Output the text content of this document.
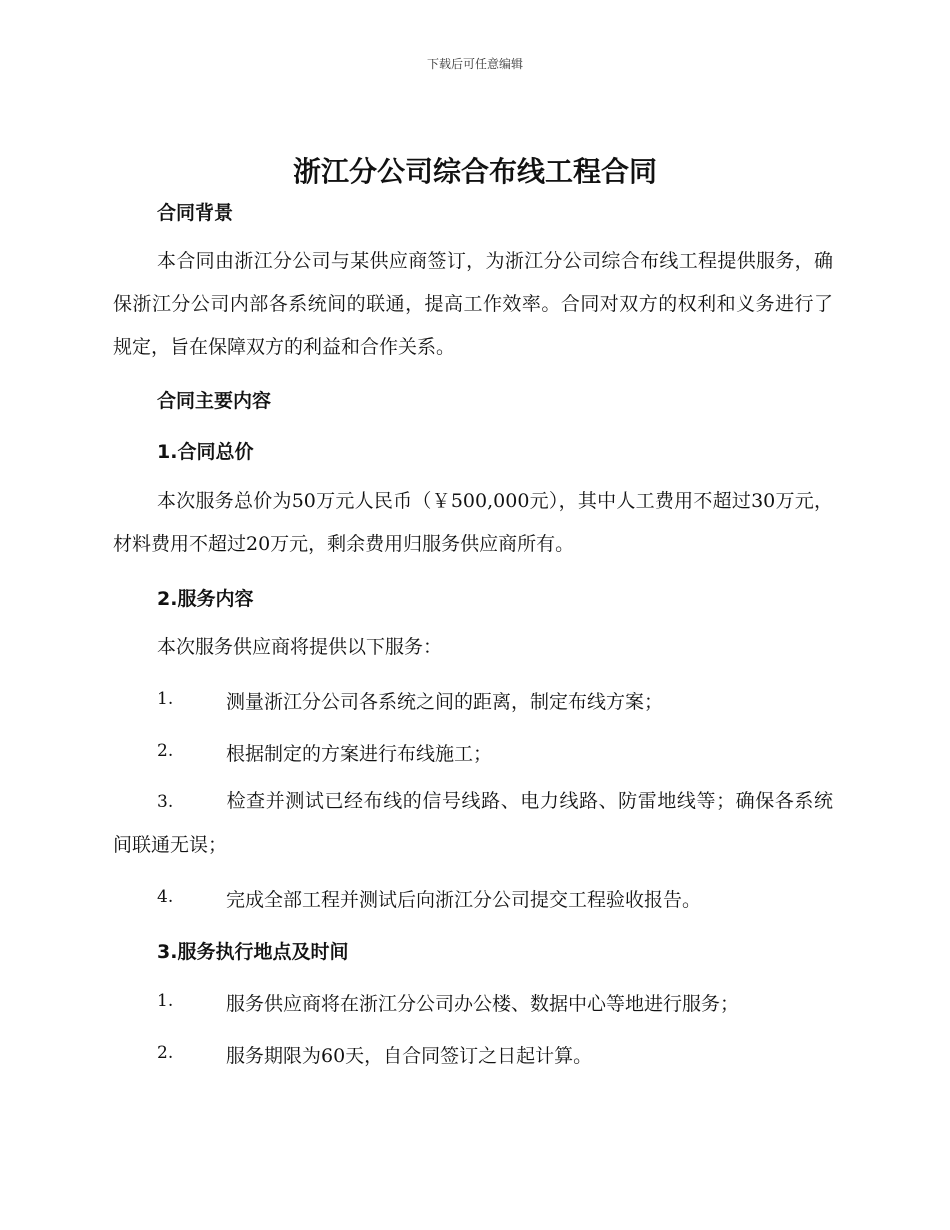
下载后可任意编辑
浙江分公司综合布线工程合同
合同背景
本合同由浙江分公司与某供应商签订，为浙江分公司综合布线工程提供服务，确保浙江分公司内部各系统间的联通，提高工作效率。合同对双方的权利和义务进行了规定，旨在保障双方的利益和合作关系。
合同主要内容
1.合同总价
本次服务总价为50万元人民币（￥500,000元），其中人工费用不超过30万元，材料费用不超过20万元，剩余费用归服务供应商所有。
2.服务内容
本次服务供应商将提供以下服务：
1.	测量浙江分公司各系统之间的距离，制定布线方案；
2.	根据制定的方案进行布线施工；
3.	检查并测试已经布线的信号线路、电力线路、防雷地线等；确保各系统间联通无误；
4.	完成全部工程并测试后向浙江分公司提交工程验收报告。
3.服务执行地点及时间
1.	服务供应商将在浙江分公司办公楼、数据中心等地进行服务；
2.	服务期限为60天，自合同签订之日起计算。
